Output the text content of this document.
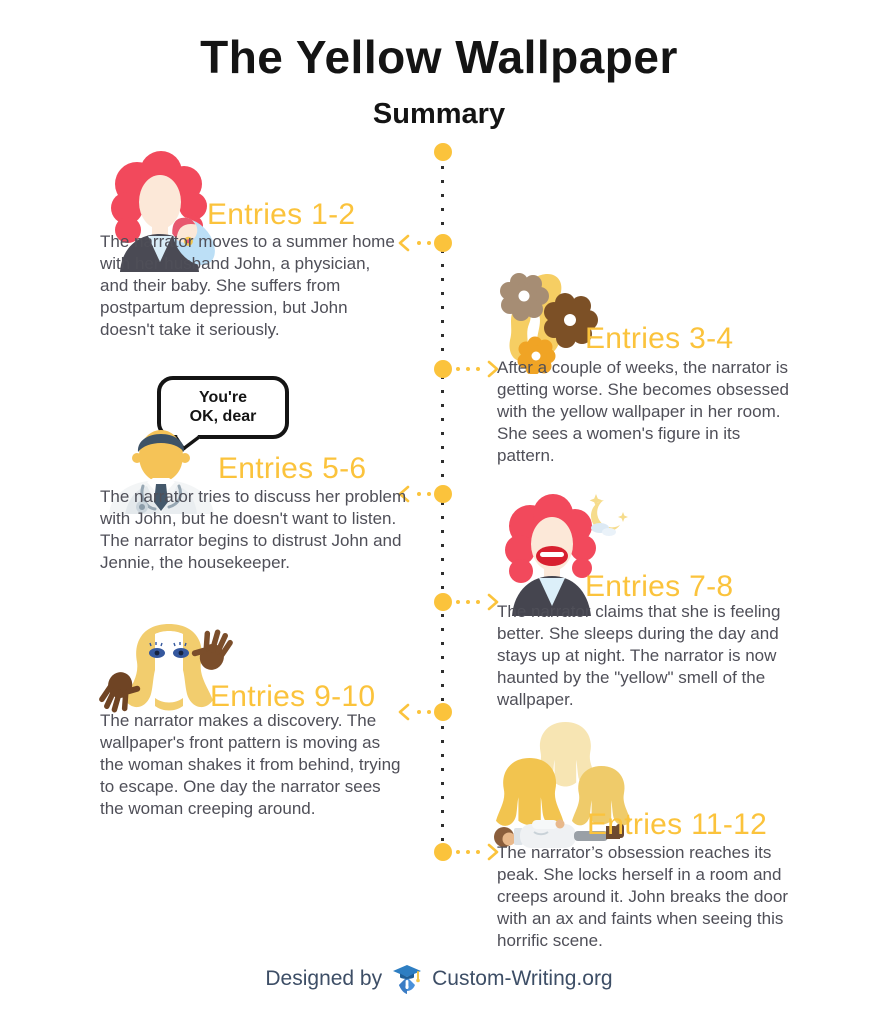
The Yellow Wallpaper
Summary
Entries 1-2

The narrator moves to a summer home with her husband John, a physician, and their baby. She suffers from postpartum depression, but John doesn't take it seriously.	Entries 3-4

After a couple of weeks, the narrator is getting worse. She becomes obsessed with the yellow wallpaper in her room. She sees a women's figure in its pattern.

You're
OK, dear
Entries 5-6

The narrator tries to discuss her problem with John, but he doesn't want to listen. The narrator begins to distrust John and Jennie, the housekeeper.

Entries 7-8

The narrator claims that she is feeling better. She sleeps during the day and stays up at night. The narrator is now haunted by the "yellow" smell of the wallpaper.

Entries 9-10

The narrator makes a discovery. The wallpaper's front pattern is moving as the woman shakes it from behind, trying to escape. One day the narrator sees the woman creeping around.	Entries 11-12

The narrator’s obsession reaches its peak. She locks herself in a room and creeps around it. John breaks the door with an ax and faints when seeing this horrific scene.

Designed by Custom-Writing.org
